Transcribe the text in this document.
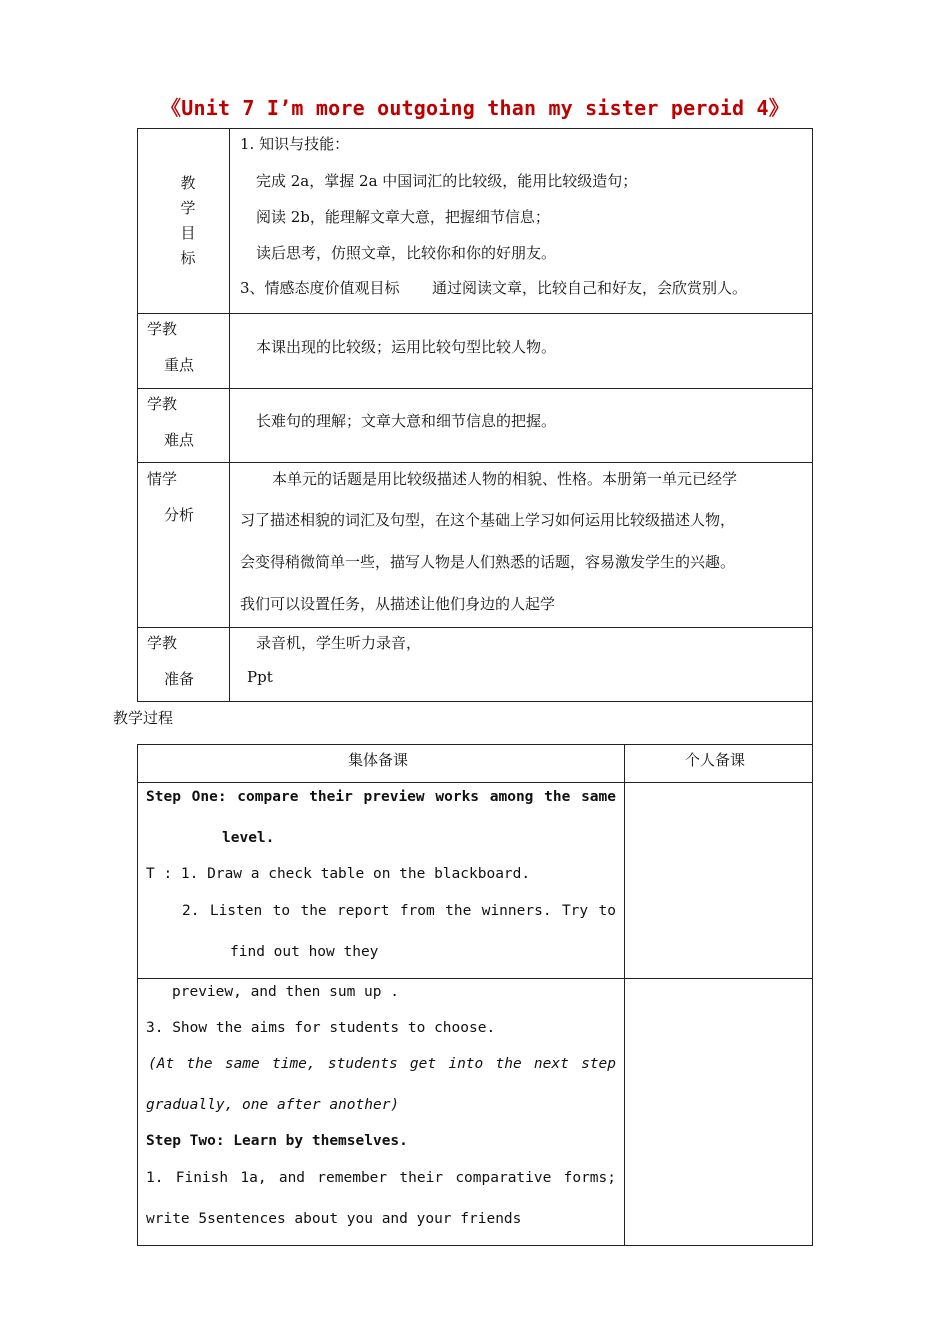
《Unit 7 I’m more outgoing than my sister peroid 4》
教
学
目
标
1. 知识与技能：
完成 2a，掌握 2a 中国词汇的比较级，能用比较级造句；
阅读 2b，能理解文章大意，把握细节信息；
读后思考，仿照文章，比较你和你的好朋友。
3、情感态度价值观目标 通过阅读文章，比较自己和好友，会欣赏别人。
学教
重点
本课出现的比较级；运用比较句型比较人物。
学教
难点
长难句的理解；文章大意和细节信息的把握。
情学
分析
本单元的话题是用比较级描述人物的相貌、性格。本册第一单元已经学
习了描述相貌的词汇及句型，在这个基础上学习如何运用比较级描述人物，
会变得稍微简单一些，描写人物是人们熟悉的话题，容易激发学生的兴趣。
我们可以设置任务，从描述让他们身边的人起学
学教
准备
录音机，学生听力录音，
Ppt
教学过程
集体备课	个人备课
Step One: compare their preview works among the same
level.
T : 1. Draw a check table on the blackboard.
2. Listen to the report from the winners. Try to
find out how they
preview, and then sum up .
3. Show the aims for students to choose.
(At the same time, students get into the next step
gradually, one after another)
Step Two: Learn by themselves.
1. Finish 1a, and remember their comparative forms;
write 5sentences about you and your friends
